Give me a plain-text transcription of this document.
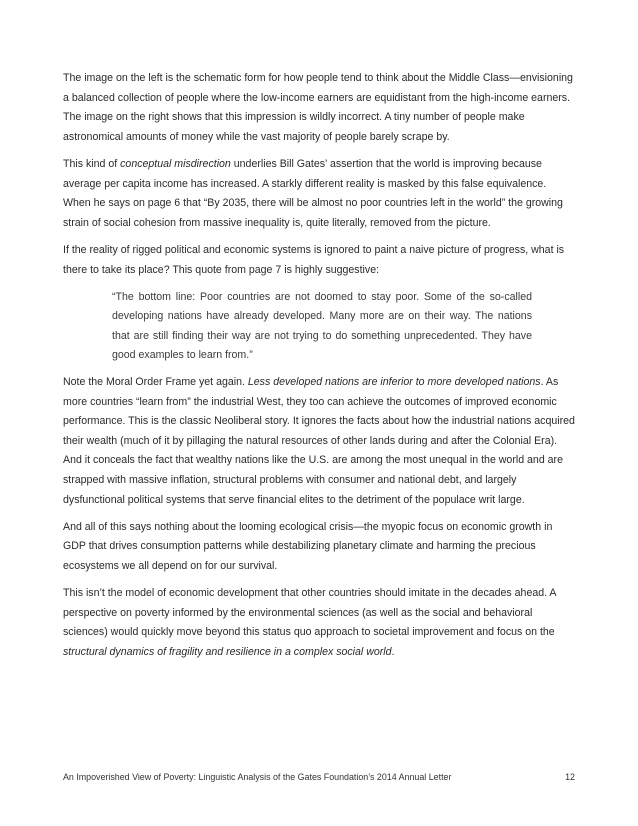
The image on the left is the schematic form for how people tend to think about the Middle Class—envisioning a balanced collection of people where the low-income earners are equidistant from the high-income earners. The image on the right shows that this impression is wildly incorrect. A tiny number of people make astronomical amounts of money while the vast majority of people barely scrape by.

This kind of conceptual misdirection underlies Bill Gates’ assertion that the world is improving because average per capita income has increased. A starkly different reality is masked by this false equivalence. When he says on page 6 that “By 2035, there will be almost no poor countries left in the world” the growing strain of social cohesion from massive inequality is, quite literally, removed from the picture.

If the reality of rigged political and economic systems is ignored to paint a naive picture of progress, what is there to take its place? This quote from page 7 is highly suggestive:

“The bottom line: Poor countries are not doomed to stay poor. Some of the so-called developing nations have already developed. Many more are on their way. The nations that are still finding their way are not trying to do something unprecedented. They have good examples to learn from.”

Note the Moral Order Frame yet again. Less developed nations are inferior to more developed nations. As more countries “learn from” the industrial West, they too can achieve the outcomes of improved economic performance. This is the classic Neoliberal story. It ignores the facts about how the industrial nations acquired their wealth (much of it by pillaging the natural resources of other lands during and after the Colonial Era). And it conceals the fact that wealthy nations like the U.S. are among the most unequal in the world and are strapped with massive inflation, structural problems with consumer and national debt, and largely dysfunctional political systems that serve financial elites to the detriment of the populace writ large.

And all of this says nothing about the looming ecological crisis—the myopic focus on economic growth in GDP that drives consumption patterns while destabilizing planetary climate and harming the precious ecosystems we all depend on for our survival.

This isn’t the model of economic development that other countries should imitate in the decades ahead. A perspective on poverty informed by the environmental sciences (as well as the social and behavioral sciences) would quickly move beyond this status quo approach to societal improvement and focus on the structural dynamics of fragility and resilience in a complex social world.

An Impoverished View of Poverty: Linguistic Analysis of the Gates Foundation’s 2014 Annual Letter	12
